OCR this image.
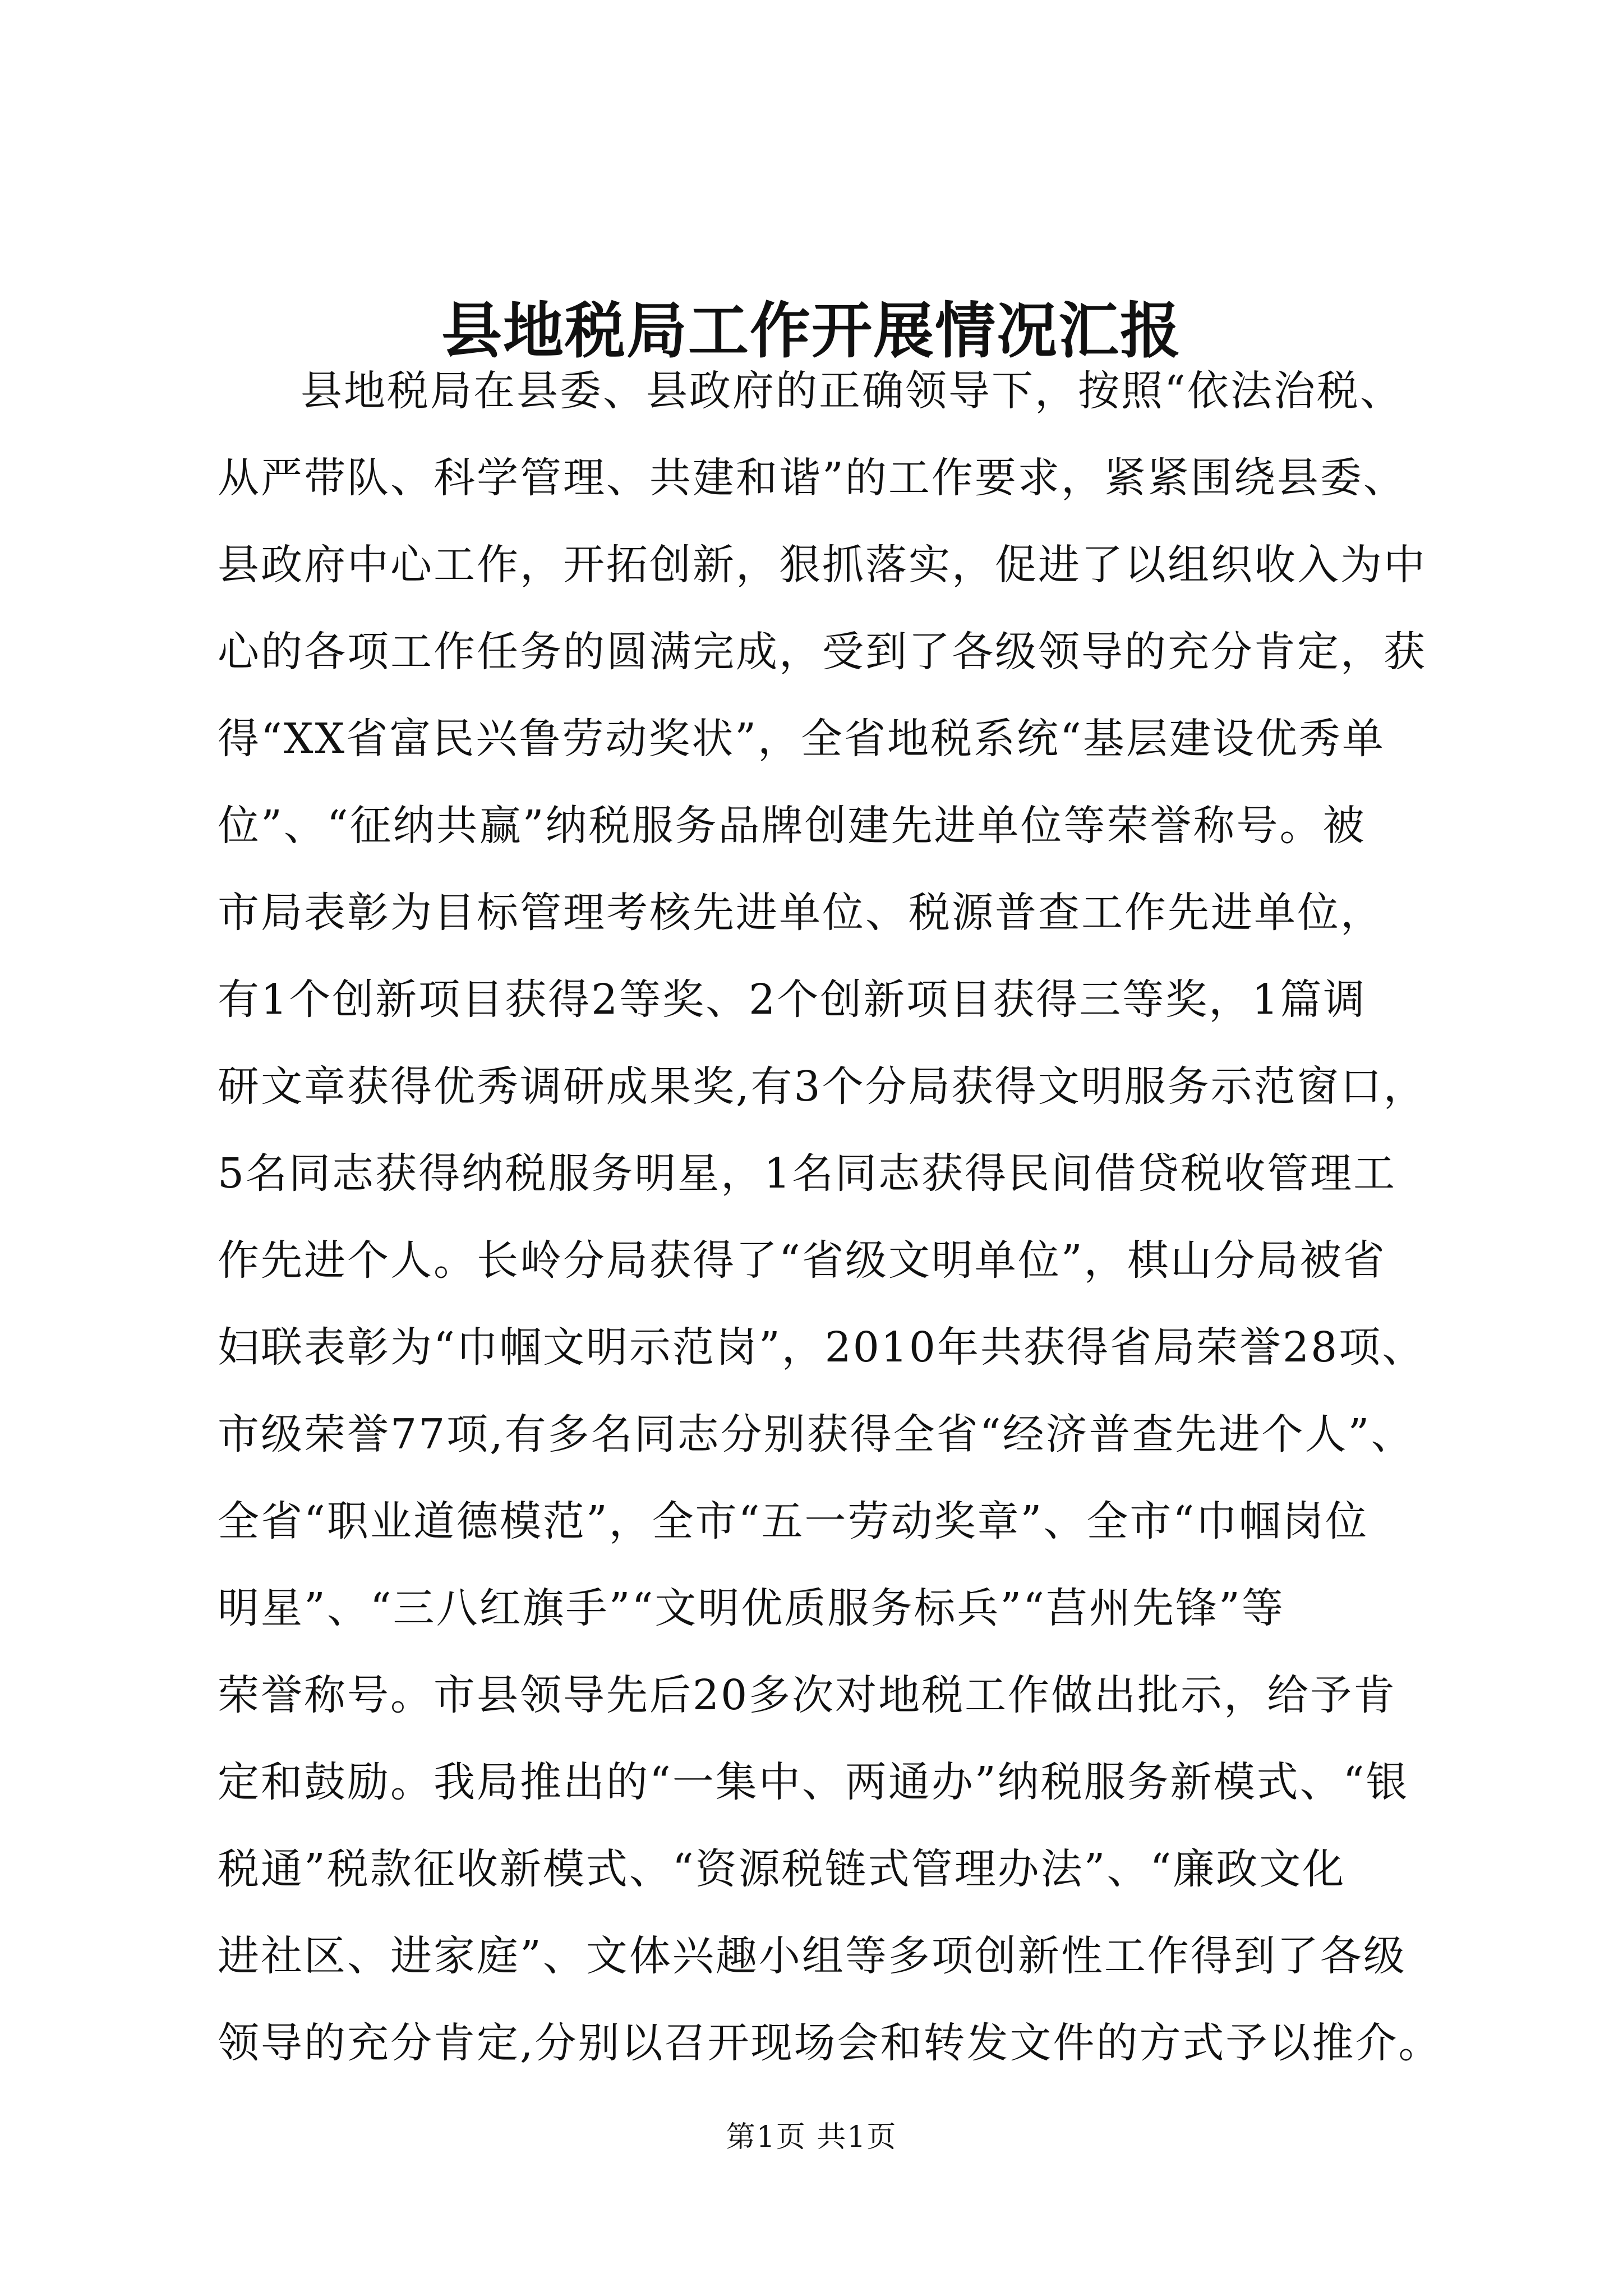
县地税局工作开展情况汇报
县地税局在县委、县政府的正确领导下，按照“依法治税、
从严带队、科学管理、共建和谐”的工作要求，紧紧围绕县委、
县政府中心工作，开拓创新，狠抓落实，促进了以组织收入为中
心的各项工作任务的圆满完成，受到了各级领导的充分肯定，获
得“XX省富民兴鲁劳动奖状”，全省地税系统“基层建设优秀单
位”、“征纳共赢”纳税服务品牌创建先进单位等荣誉称号。被
市局表彰为目标管理考核先进单位、税源普查工作先进单位，
有1个创新项目获得2等奖、2个创新项目获得三等奖，1篇调
研文章获得优秀调研成果奖,有3个分局获得文明服务示范窗口，
5名同志获得纳税服务明星，1名同志获得民间借贷税收管理工
作先进个人。长岭分局获得了“省级文明单位”，棋山分局被省
妇联表彰为“巾帼文明示范岗”，2010年共获得省局荣誉28项、
市级荣誉77项,有多名同志分别获得全省“经济普查先进个人”、
全省“职业道德模范”，全市“五一劳动奖章”、全市“巾帼岗位
明星”、“三八红旗手”“文明优质服务标兵”“莒州先锋”等
荣誉称号。市县领导先后20多次对地税工作做出批示，给予肯
定和鼓励。我局推出的“一集中、两通办”纳税服务新模式、“银
税通”税款征收新模式、“资源税链式管理办法”、“廉政文化
进社区、进家庭”、文体兴趣小组等多项创新性工作得到了各级
领导的充分肯定,分别以召开现场会和转发文件的方式予以推介。
第1页 共1页
